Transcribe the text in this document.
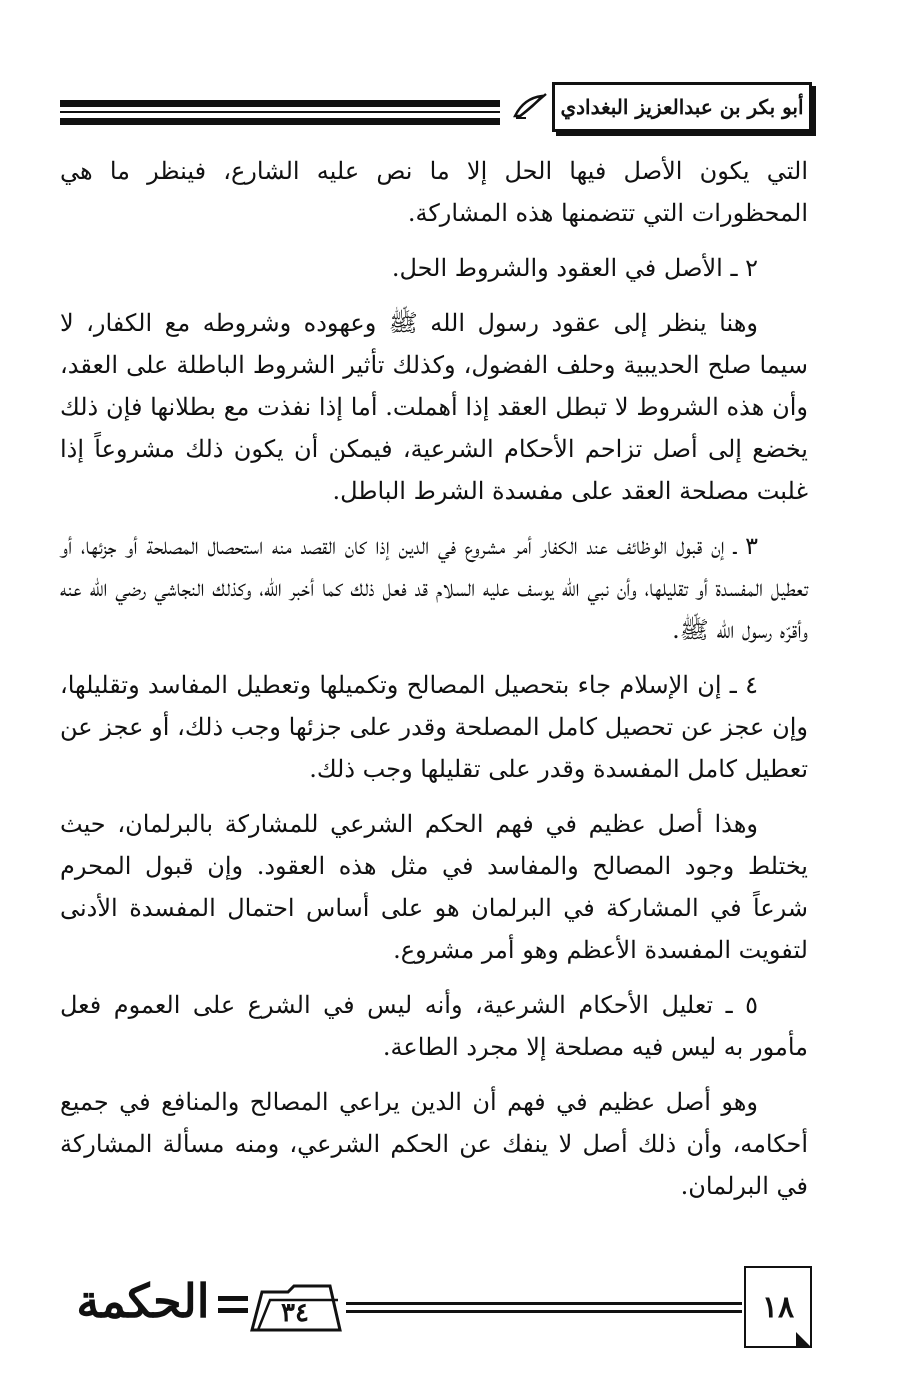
أبو بكر بن عبدالعزيز البغدادي

التي يكون الأصل فيها الحل إلا ما نص عليه الشارع، فينظر ما هي المحظورات التي تتضمنها هذه المشاركة.

٢ ـ الأصل في العقود والشروط الحل.

وهنا ينظر إلى عقود رسول الله ﷺ وعهوده وشروطه مع الكفار، لا سيما صلح الحديبية وحلف الفضول، وكذلك تأثير الشروط الباطلة على العقد، وأن هذه الشروط لا تبطل العقد إذا أهملت. أما إذا نفذت مع بطلانها فإن ذلك يخضع إلى أصل تزاحم الأحكام الشرعية، فيمكن أن يكون ذلك مشروعاً إذا غلبت مصلحة العقد على مفسدة الشرط الباطل.

٣ ـ إن قبول الوظائف عند الكفار أمر مشروع في الدين إذا كان القصد منه استحصال المصلحة أو جزئها، أو تعطيل المفسدة أو تقليلها، وأن نبي الله يوسف عليه السلام قد فعل ذلك كما أخبر الله، وكذلك النجاشي رضي الله عنه وأقرّه رسول الله ﷺ.

٤ ـ إن الإسلام جاء بتحصيل المصالح وتكميلها وتعطيل المفاسد وتقليلها، وإن عجز عن تحصيل كامل المصلحة وقدر على جزئها وجب ذلك، أو عجز عن تعطيل كامل المفسدة وقدر على تقليلها وجب ذلك.

وهذا أصل عظيم في فهم الحكم الشرعي للمشاركة بالبرلمان، حيث يختلط وجود المصالح والمفاسد في مثل هذه العقود. وإن قبول المحرم شرعاً في المشاركة في البرلمان هو على أساس احتمال المفسدة الأدنى لتفويت المفسدة الأعظم وهو أمر مشروع.

٥ ـ تعليل الأحكام الشرعية، وأنه ليس في الشرع على العموم فعل مأمور به ليس فيه مصلحة إلا مجرد الطاعة.

وهو أصل عظيم في فهم أن الدين يراعي المصالح والمنافع في جميع أحكامه، وأن ذلك أصل لا ينفك عن الحكم الشرعي، ومنه مسألة المشاركة في البرلمان.

الحكمة	٣٤	١٨
